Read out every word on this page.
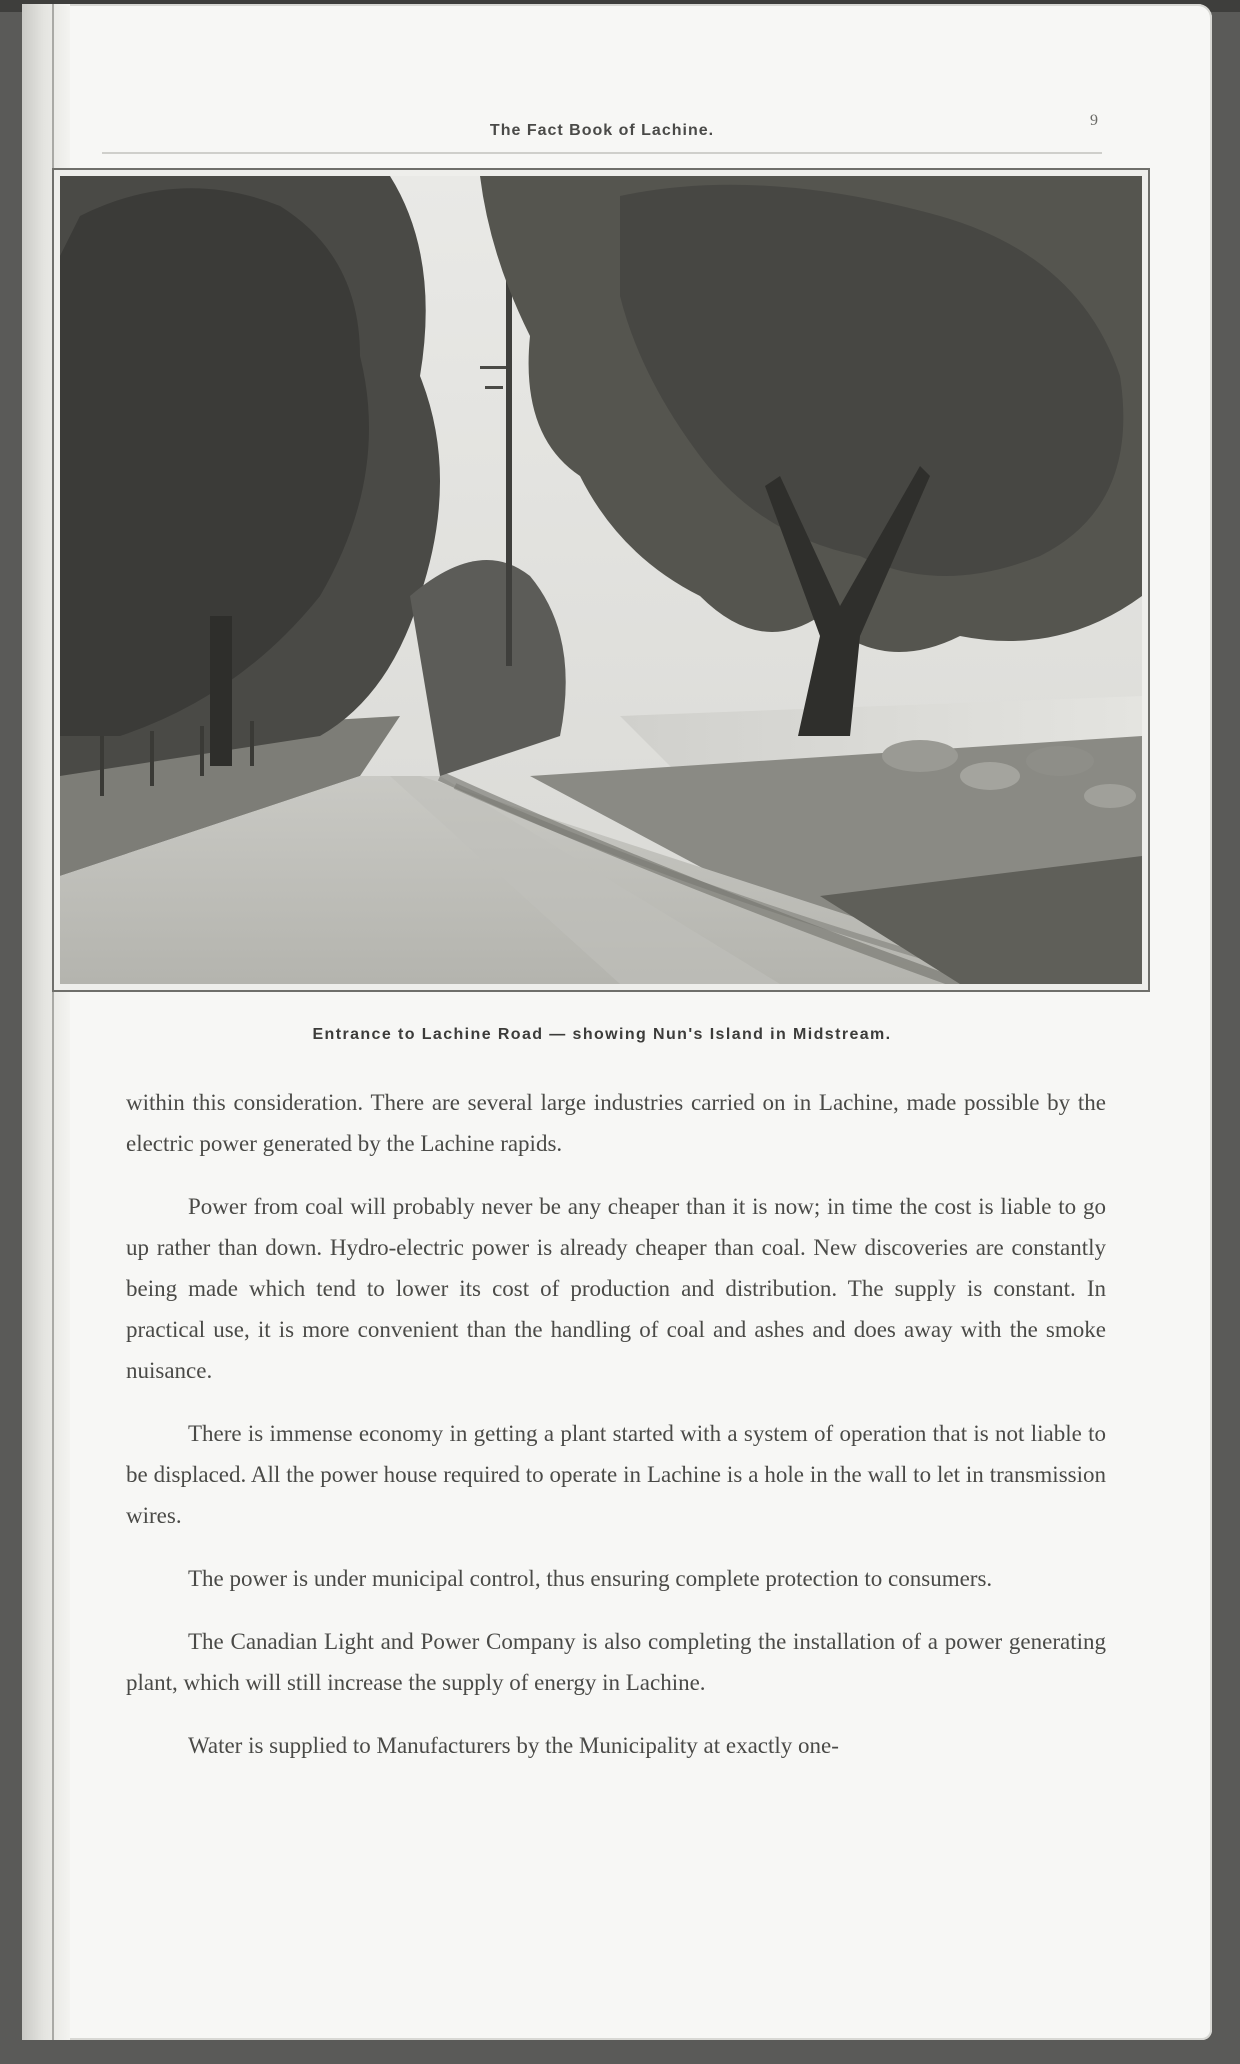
The Fact Book of Lachine.
9
Entrance to Lachine Road — showing Nun's Island in Midstream.

within this consideration. There are several large industries carried on in Lachine, made possible by the electric power generated by the Lachine rapids.

Power from coal will probably never be any cheaper than it is now; in time the cost is liable to go up rather than down. Hydro-electric power is already cheaper than coal. New discoveries are constantly being made which tend to lower its cost of production and distribution. The supply is constant. In practical use, it is more convenient than the handling of coal and ashes and does away with the smoke nuisance.

There is immense economy in getting a plant started with a system of operation that is not liable to be displaced. All the power house required to operate in Lachine is a hole in the wall to let in transmission wires.

The power is under municipal control, thus ensuring complete protection to consumers.

The Canadian Light and Power Company is also completing the installation of a power generating plant, which will still increase the supply of energy in Lachine.

Water is supplied to Manufacturers by the Municipality at exactly one-
